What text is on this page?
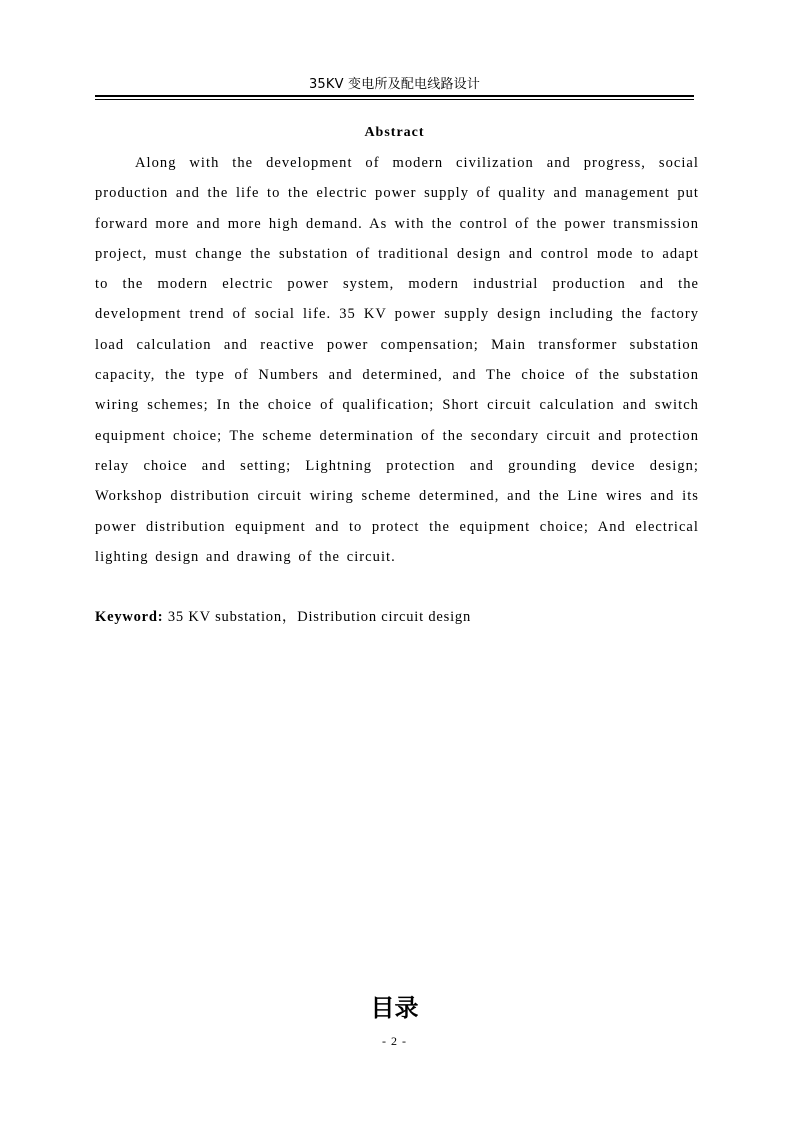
35KV 变电所及配电线路设计
Abstract

Along with the development of modern civilization and progress, social production and the life to the electric power supply of quality and management put forward more and more high demand. As with the control of the power transmission project, must change the substation of traditional design and control mode to adapt to the modern electric power system, modern industrial production and the development trend of social life. 35 KV power supply design including the factory load calculation and reactive power compensation; Main transformer substation capacity, the type of Numbers and determined, and The choice of the substation wiring schemes; In the choice of qualification; Short circuit calculation and switch equipment choice; The scheme determination of the secondary circuit and protection relay choice and setting; Lightning protection and grounding device design; Workshop distribution circuit wiring scheme determined, and the Line wires and its power distribution equipment and to protect the equipment choice; And electrical lighting design and drawing of the circuit.

Keyword: 35 KV substation，Distribution circuit design
目录
- 2 -
